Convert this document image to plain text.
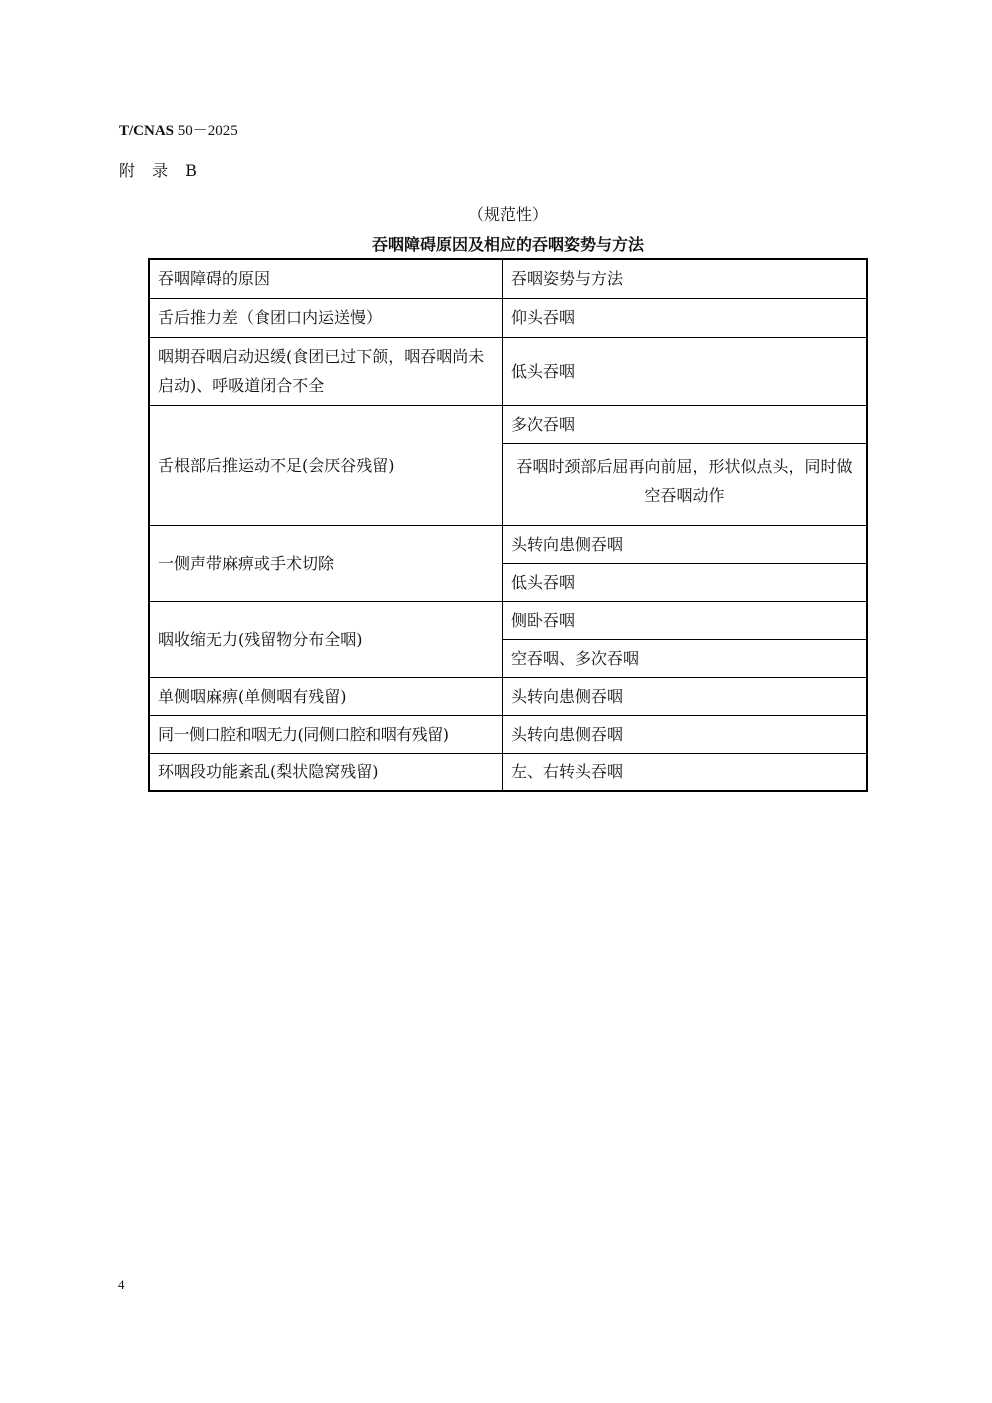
T/CNAS 50－2025
附 录 B
（规范性）
吞咽障碍原因及相应的吞咽姿势与方法
吞咽障碍的原因	吞咽姿势与方法
舌后推力差（食团口内运送慢）	仰头吞咽
咽期吞咽启动迟缓(食团已过下颌，咽吞咽尚未启动)、呼吸道闭合不全	低头吞咽
舌根部后推运动不足(会厌谷残留)	多次吞咽
	吞咽时颈部后屈再向前屈，形状似点头，同时做空吞咽动作
一侧声带麻痹或手术切除	头转向患侧吞咽
	低头吞咽
咽收缩无力(残留物分布全咽)	侧卧吞咽
	空吞咽、多次吞咽
单侧咽麻痹(单侧咽有残留)	头转向患侧吞咽
同一侧口腔和咽无力(同侧口腔和咽有残留)	头转向患侧吞咽
环咽段功能紊乱(梨状隐窝残留)	左、右转头吞咽
4
